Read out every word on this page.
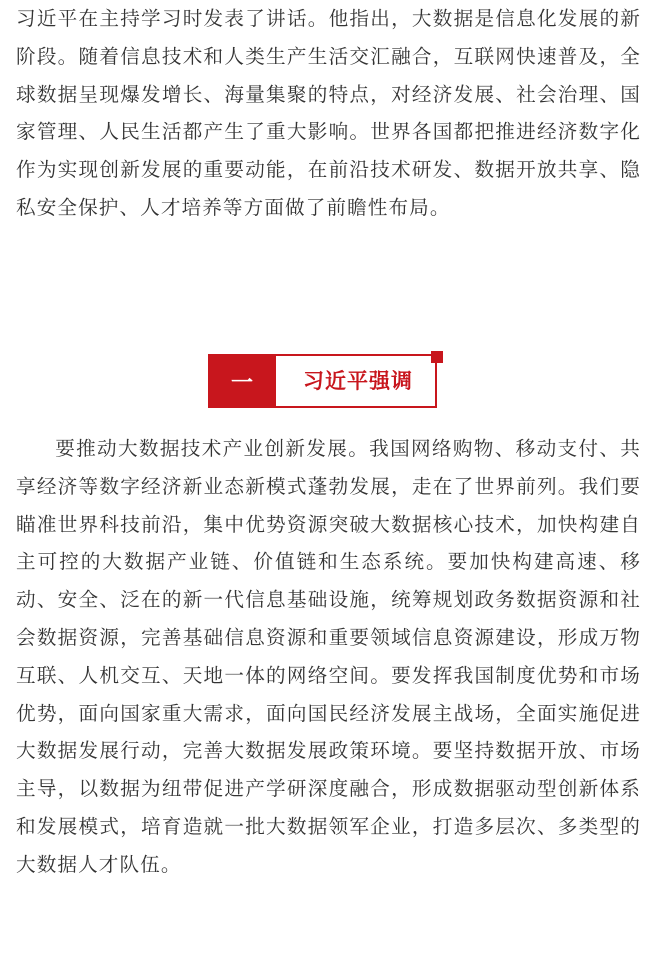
习近平在主持学习时发表了讲话。他指出，大数据是信息化发展的新阶段。随着信息技术和人类生产生活交汇融合，互联网快速普及，全球数据呈现爆发增长、海量集聚的特点，对经济发展、社会治理、国家管理、人民生活都产生了重大影响。世界各国都把推进经济数字化作为实现创新发展的重要动能，在前沿技术研发、数据开放共享、隐私安全保护、人才培养等方面做了前瞻性布局。

一	习近平强调

要推动大数据技术产业创新发展。我国网络购物、移动支付、共享经济等数字经济新业态新模式蓬勃发展，走在了世界前列。我们要瞄准世界科技前沿，集中优势资源突破大数据核心技术，加快构建自主可控的大数据产业链、价值链和生态系统。要加快构建高速、移动、安全、泛在的新一代信息基础设施，统筹规划政务数据资源和社会数据资源，完善基础信息资源和重要领域信息资源建设，形成万物互联、人机交互、天地一体的网络空间。要发挥我国制度优势和市场优势，面向国家重大需求，面向国民经济发展主战场，全面实施促进大数据发展行动，完善大数据发展政策环境。要坚持数据开放、市场主导，以数据为纽带促进产学研深度融合，形成数据驱动型创新体系和发展模式，培育造就一批大数据领军企业，打造多层次、多类型的大数据人才队伍。
